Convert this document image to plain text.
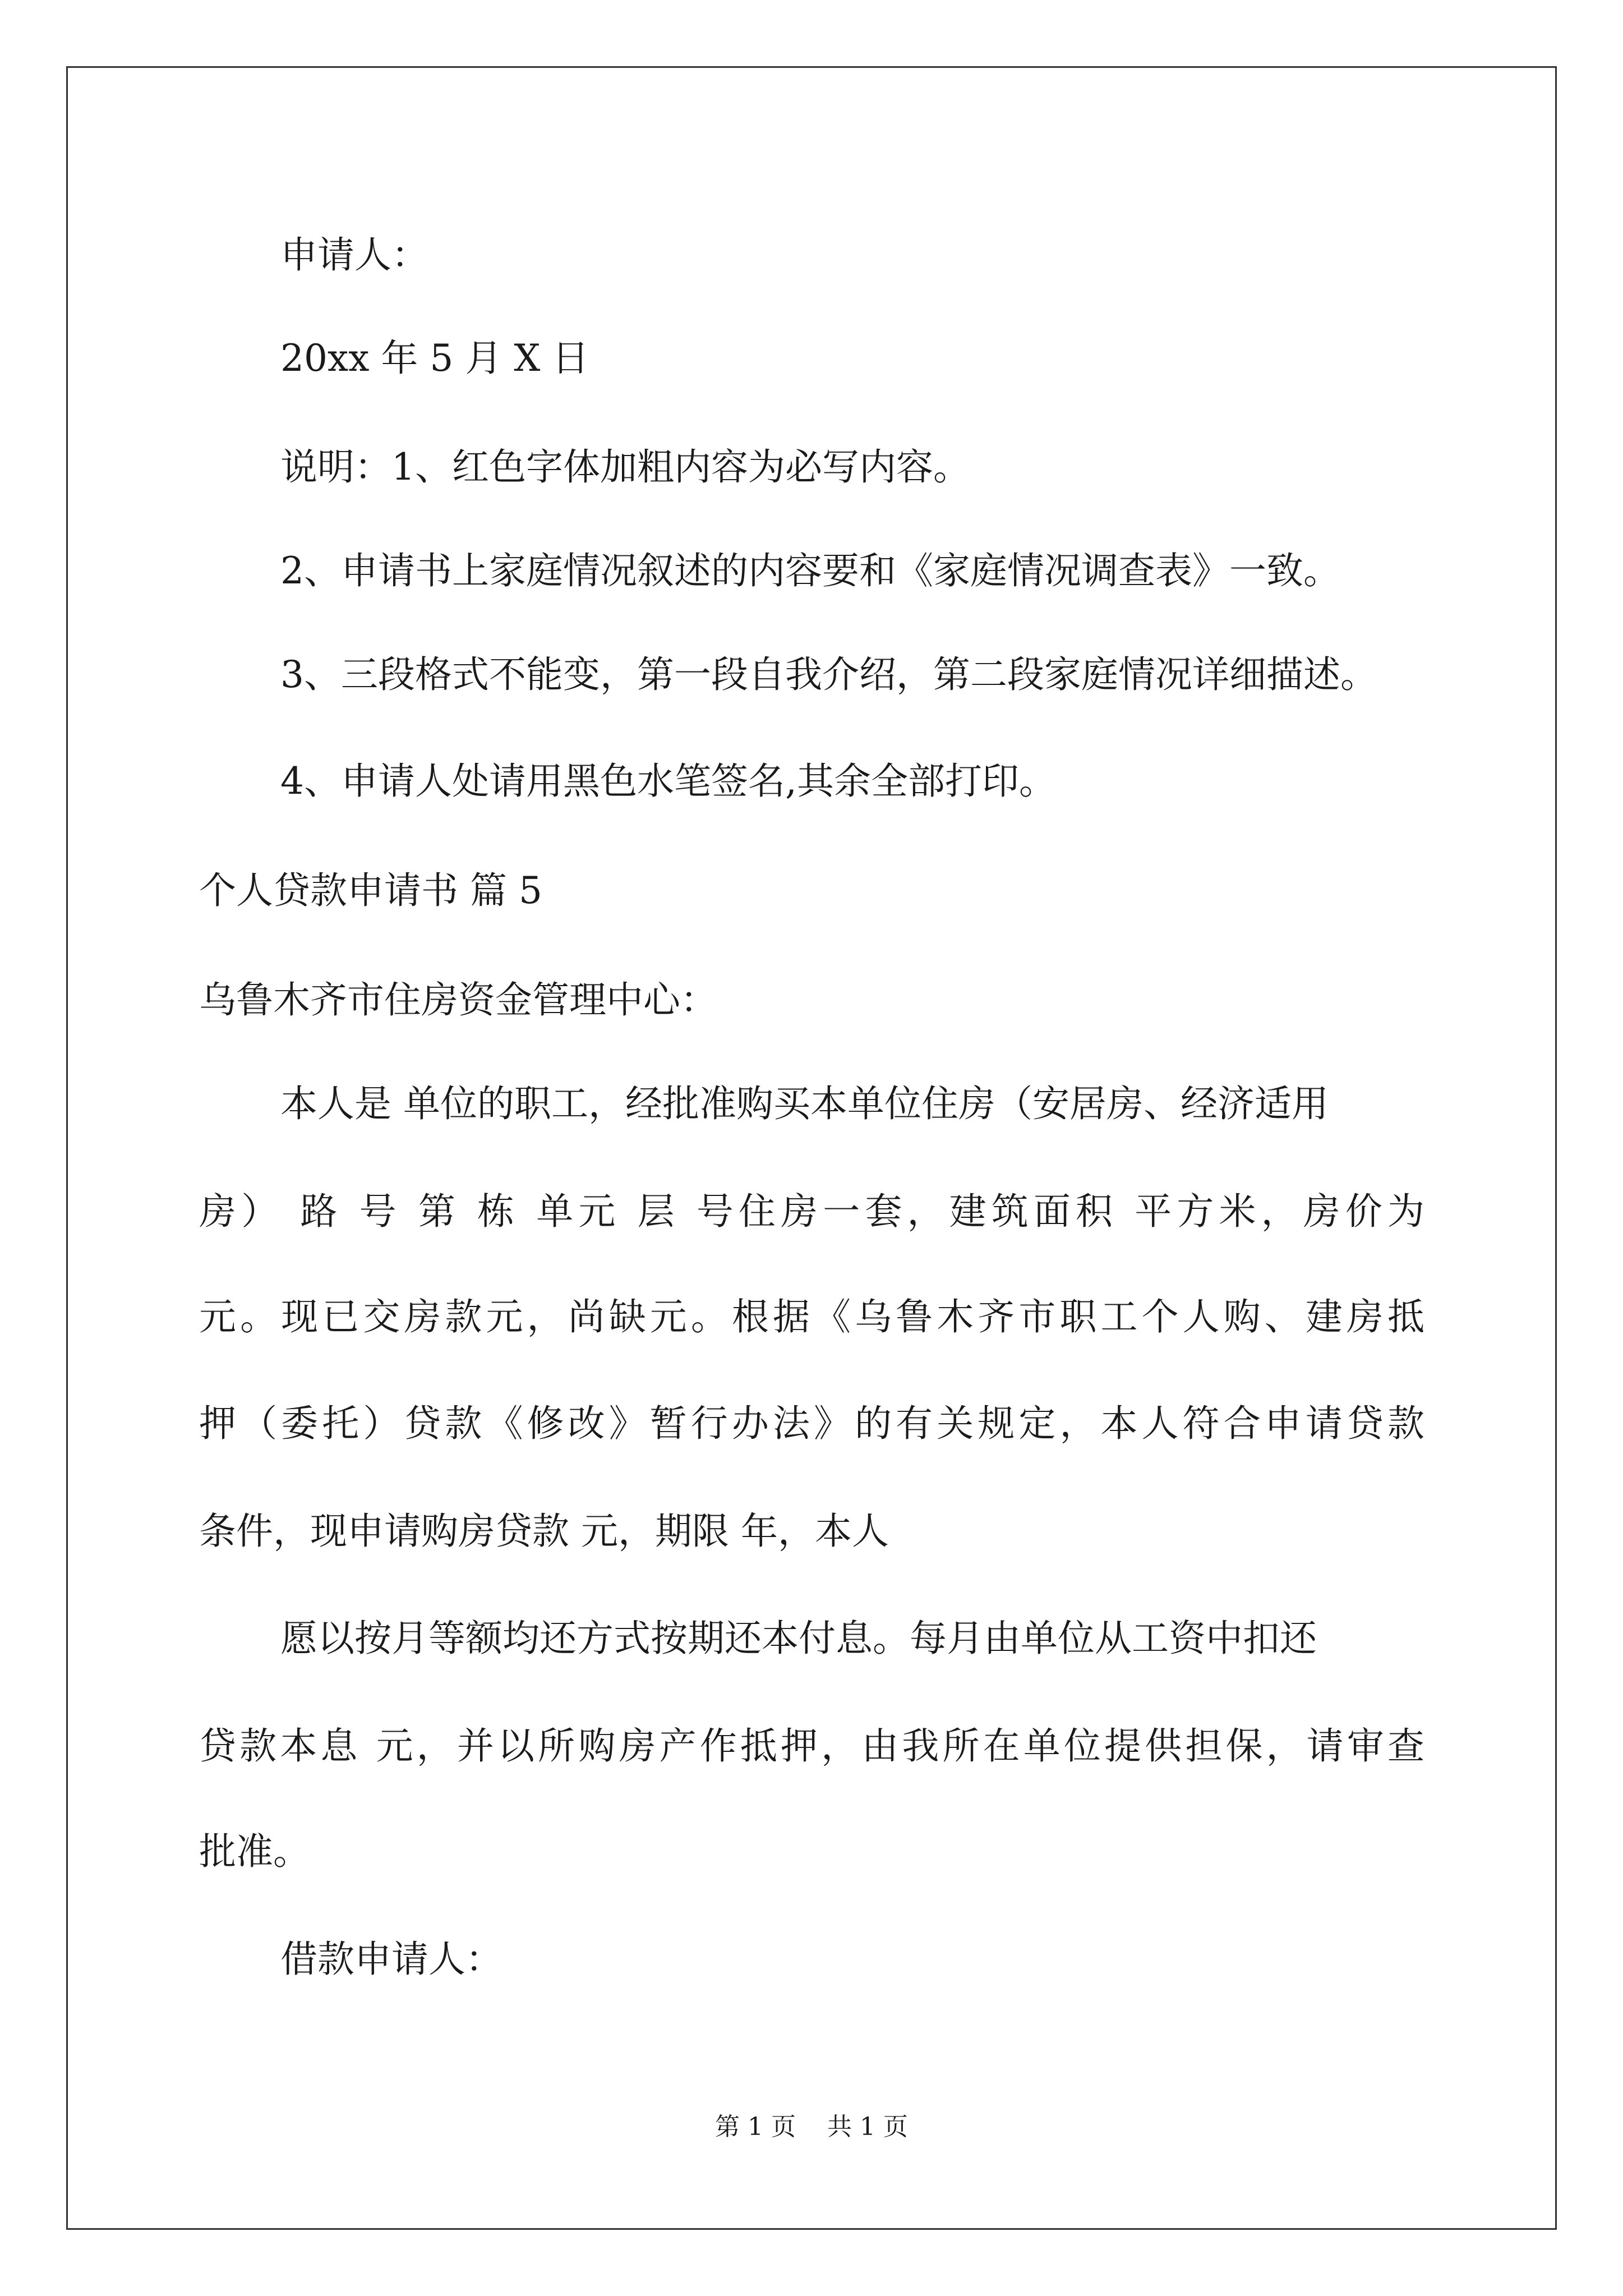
申请人：
20xx 年 5 月 X 日
说明：1、红色字体加粗内容为必写内容。
2、申请书上家庭情况叙述的内容要和《家庭情况调查表》一致。
3、三段格式不能变，第一段自我介绍，第二段家庭情况详细描述。
4、申请人处请用黑色水笔签名,其余全部打印。
个人贷款申请书 篇 5
乌鲁木齐市住房资金管理中心：
本人是 单位的职工，经批准购买本单位住房（安居房、经济适用
房） 路 号 第 栋 单元 层 号住房一套，建筑面积 平方米，房价为
元。现已交房款元，尚缺元。根据《乌鲁木齐市职工个人购、建房抵
押（委托）贷款《修改》暂行办法》的有关规定，本人符合申请贷款
条件，现申请购房贷款 元，期限 年，本人
愿以按月等额均还方式按期还本付息。每月由单位从工资中扣还
贷款本息 元，并以所购房产作抵押，由我所在单位提供担保，请审查
批准。
借款申请人：
第 1 页    共 1 页
